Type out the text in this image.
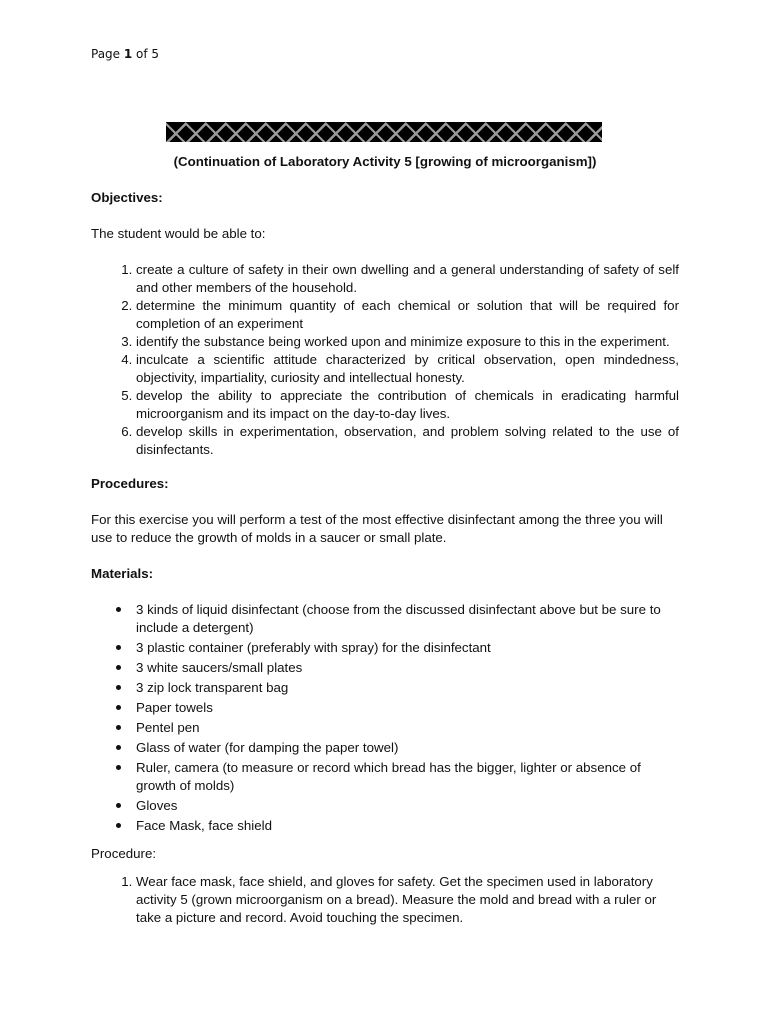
Page 1 of 5
(Continuation of Laboratory Activity 5 [growing of microorganism])
Objectives:
The student would be able to:
1. create a culture of safety in their own dwelling and a general understanding of safety of self and other members of the household.
2. determine the minimum quantity of each chemical or solution that will be required for completion of an experiment
3. identify the substance being worked upon and minimize exposure to this in the experiment.
4. inculcate a scientific attitude characterized by critical observation, open mindedness, objectivity, impartiality, curiosity and intellectual honesty.
5. develop the ability to appreciate the contribution of chemicals in eradicating harmful microorganism and its impact on the day-to-day lives.
6. develop skills in experimentation, observation, and problem solving related to the use of disinfectants.
Procedures:
For this exercise you will perform a test of the most effective disinfectant among the three you will use to reduce the growth of molds in a saucer or small plate.
Materials:
3 kinds of liquid disinfectant (choose from the discussed disinfectant above but be sure to include a detergent)
3 plastic container (preferably with spray) for the disinfectant
3 white saucers/small plates
3 zip lock transparent bag
Paper towels
Pentel pen
Glass of water (for damping the paper towel)
Ruler, camera (to measure or record which bread has the bigger, lighter or absence of growth of molds)
Gloves
Face Mask, face shield
Procedure:
1. Wear face mask, face shield, and gloves for safety. Get the specimen used in laboratory activity 5 (grown microorganism on a bread). Measure the mold and bread with a ruler or take a picture and record. Avoid touching the specimen.
